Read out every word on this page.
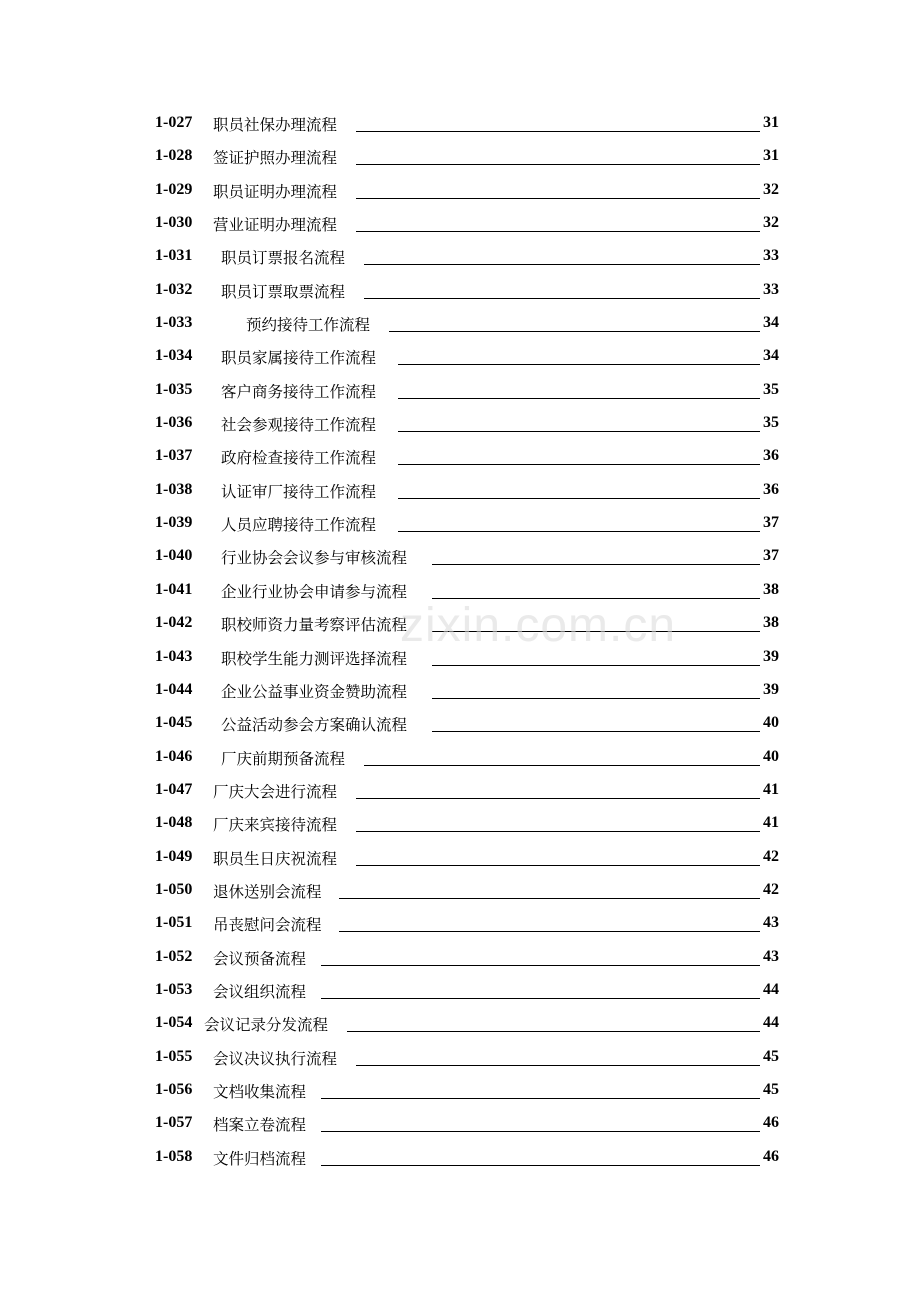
1-027 职员社保办理流程	31
1-028 签证护照办理流程	31
1-029 职员证明办理流程	32
1-030 营业证明办理流程	32
1-031 职员订票报名流程	33
1-032 职员订票取票流程	33
1-033	预约接待工作流程	34
1-034 职员家属接待工作流程	34
1-035 客户商务接待工作流程	35
1-036 社会参观接待工作流程	35
1-037 政府检查接待工作流程	36
1-038 认证审厂接待工作流程	36
1-039 人员应聘接待工作流程	37
1-040 行业协会会议参与审核流程	37
1-041 企业行业协会申请参与流程	38
1-042 职校师资力量考察评估流程	38
1-043 职校学生能力测评选择流程	39
1-044 企业公益事业资金赞助流程	39
1-045 公益活动参会方案确认流程	40
1-046 厂庆前期预备流程	40
1-047 厂庆大会进行流程	41
1-048 厂庆来宾接待流程	41
1-049 职员生日庆祝流程	42
1-050 退休送别会流程	42
1-051 吊丧慰问会流程	43
1-052 会议预备流程	43
1-053 会议组织流程	44
1-054 会议记录分发流程	44
1-055 会议决议执行流程	45
1-056 文档收集流程	45
1-057 档案立卷流程	46
1-058 文件归档流程	46
zixin.com.cn
